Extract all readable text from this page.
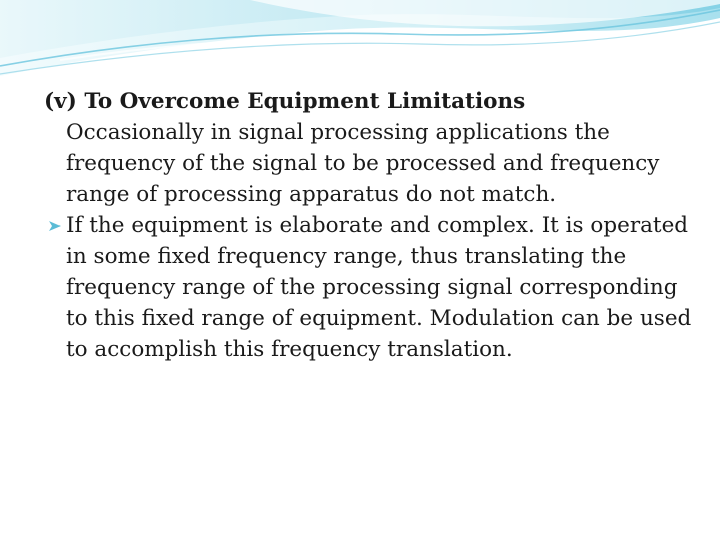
(v) To Overcome Equipment Limitations

Occasionally in signal processing applications the frequency of the signal to be processed and frequency range of processing apparatus do not match.

If the equipment is elaborate and complex. It is operated in some fixed frequency range, thus translating the frequency range of the processing signal corresponding to this fixed range of equipment. Modulation can be used to accomplish this frequency translation.
